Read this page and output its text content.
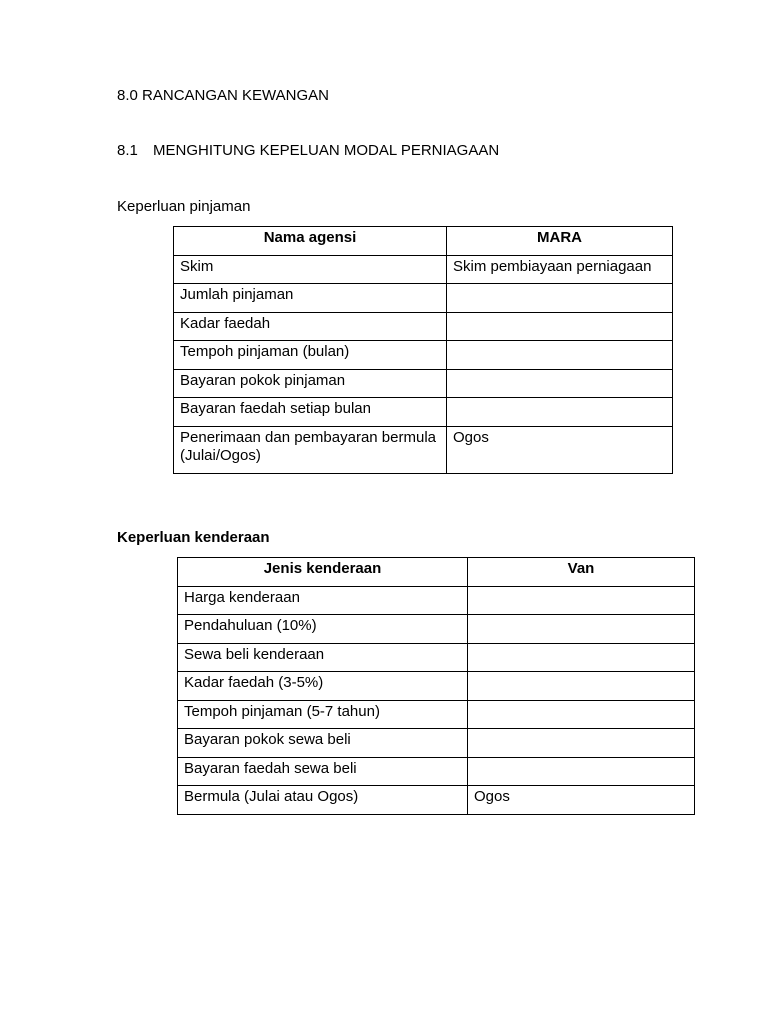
8.0 RANCANGAN KEWANGAN
8.1 MENGHITUNG KEPELUAN MODAL PERNIAGAAN
Keperluan pinjaman
Nama agensi	MARA
Skim	Skim pembiayaan perniagaan
Jumlah pinjaman	
Kadar faedah	
Tempoh pinjaman (bulan)	
Bayaran pokok pinjaman	
Bayaran faedah setiap bulan	
Penerimaan dan pembayaran bermula (Julai/Ogos)	Ogos
Keperluan kenderaan
Jenis kenderaan	Van
Harga kenderaan	
Pendahuluan (10%)	
Sewa beli kenderaan	
Kadar faedah (3-5%)	
Tempoh pinjaman (5-7 tahun)	
Bayaran pokok sewa beli	
Bayaran faedah sewa beli	
Bermula (Julai atau Ogos)	Ogos
